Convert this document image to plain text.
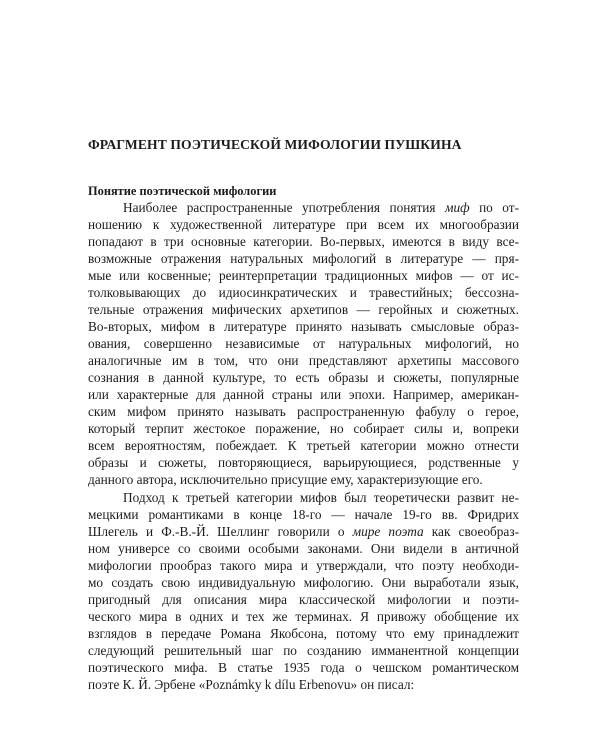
ФРАГМЕНТ ПОЭТИЧЕСКОЙ МИФОЛОГИИ ПУШКИНА
Понятие поэтической мифологии
Наиболее распространенные употребления понятия миф по от-
ношению к художественной литературе при всем их многообразии
попадают в три основные категории. Во-первых, имеются в виду все-
возможные отражения натуральных мифологий в литературе — пря-
мые или косвенные; реинтерпретации традиционных мифов — от ис-
толковывающих до идиосинкратических и травестийных; бессозна-
тельные отражения мифических архетипов — геройных и сюжетных.
Во-вторых, мифом в литературе принято называть смысловые образ-
ования, совершенно независимые от натуральных мифологий, но
аналогичные им в том, что они представляют архетипы массового
сознания в данной культуре, то есть образы и сюжеты, популярные
или характерные для данной страны или эпохи. Например, американ-
ским мифом принято называть распространенную фабулу о герое,
который терпит жестокое поражение, но собирает силы и, вопреки
всем вероятностям, побеждает. К третьей категории можно отнести
образы и сюжеты, повторяющиеся, варьирующиеся, родственные у
данного автора, исключительно присущие ему, характеризующие его.
Подход к третьей категории мифов был теоретически развит не-
мецкими романтиками в конце 18-го — начале 19-го вв. Фридрих
Шлегель и Ф.-В.-Й. Шеллинг говорили о мире поэта как своеобраз-
ном универсе со своими особыми законами. Они видели в античной
мифологии прообраз такого мира и утверждали, что поэту необходи-
мо создать свою индивидуальную мифологию. Они выработали язык,
пригодный для описания мира классической мифологии и поэти-
ческого мира в одних и тех же терминах. Я привожу обобщение их
взглядов в передаче Романа Якобсона, потому что ему принадлежит
следующий решительный шаг по созданию имманентной концепции
поэтического мифа. В статье 1935 года о чешском романтическом
поэте К. Й. Эрбене «Poznámky k dílu Erbenovu» он писал:
